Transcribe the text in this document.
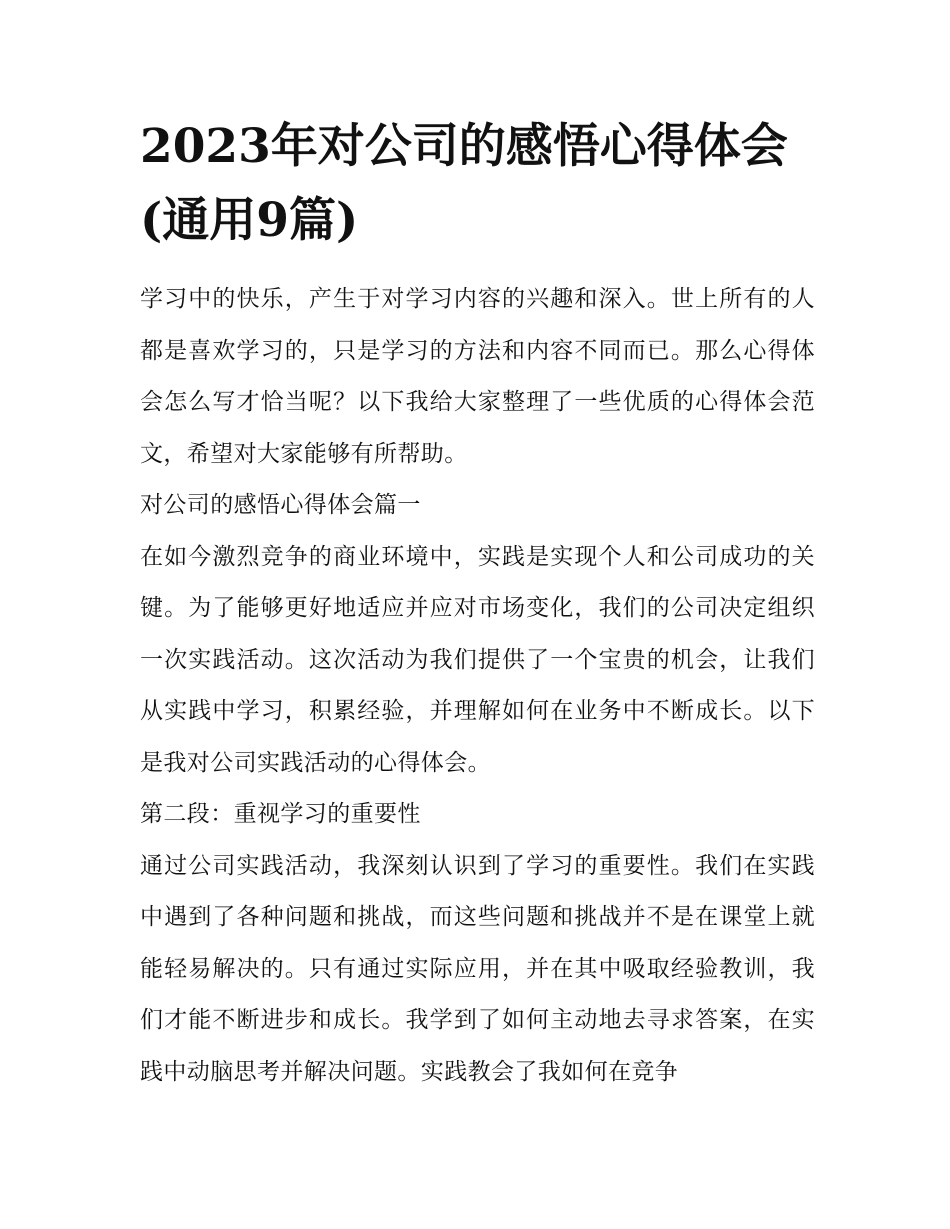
2023年对公司的感悟心得体会(通用9篇)

学习中的快乐，产生于对学习内容的兴趣和深入。世上所有的人都是喜欢学习的，只是学习的方法和内容不同而已。那么心得体会怎么写才恰当呢？以下我给大家整理了一些优质的心得体会范文，希望对大家能够有所帮助。

对公司的感悟心得体会篇一

在如今激烈竞争的商业环境中，实践是实现个人和公司成功的关键。为了能够更好地适应并应对市场变化，我们的公司决定组织一次实践活动。这次活动为我们提供了一个宝贵的机会，让我们从实践中学习，积累经验，并理解如何在业务中不断成长。以下是我对公司实践活动的心得体会。

第二段：重视学习的重要性

通过公司实践活动，我深刻认识到了学习的重要性。我们在实践中遇到了各种问题和挑战，而这些问题和挑战并不是在课堂上就能轻易解决的。只有通过实际应用，并在其中吸取经验教训，我们才能不断进步和成长。我学到了如何主动地去寻求答案，在实践中动脑思考并解决问题。实践教会了我如何在竞争
